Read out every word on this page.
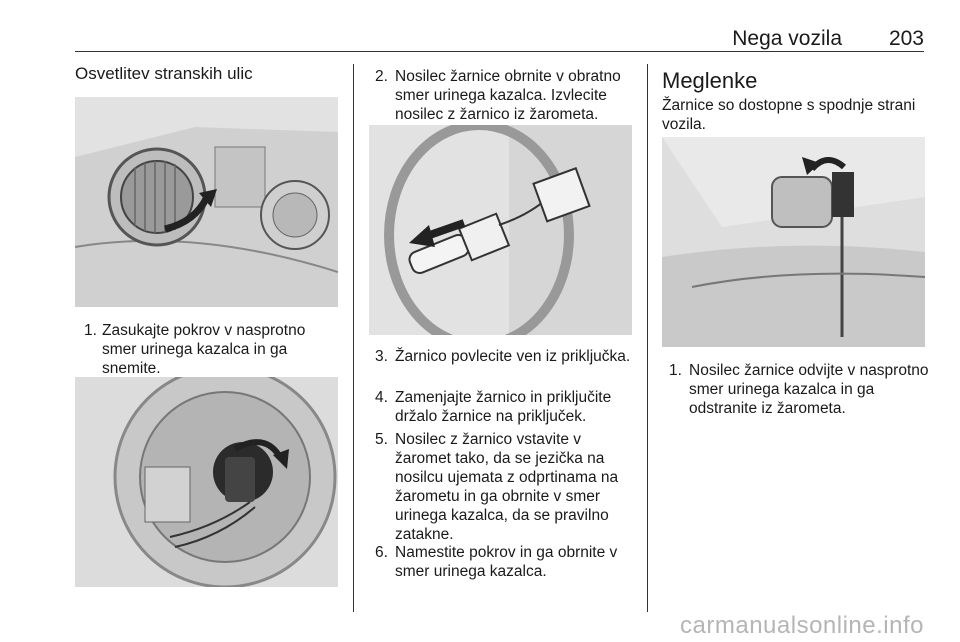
Nega vozila 203
Osvetlitev stranskih ulic
1. Zasukajte pokrov v nasprotno smer urinega kazalca in ga snemite.
2. Nosilec žarnice obrnite v obratno smer urinega kazalca. Izvlecite nosilec z žarnico iz žarometa.
3. Žarnico povlecite ven iz priključka.
4. Zamenjajte žarnico in priključite držalo žarnice na priključek.
5. Nosilec z žarnico vstavite v žaromet tako, da se jezička na nosilcu ujemata z odprtinama na žarometu in ga obrnite v smer urinega kazalca, da se pravilno zatakne.
6. Namestite pokrov in ga obrnite v smer urinega kazalca.
Meglenke
Žarnice so dostopne s spodnje strani vozila.
1. Nosilec žarnice odvijte v nasprotno smer urinega kazalca in ga odstranite iz žarometa.
carmanualsonline.info
